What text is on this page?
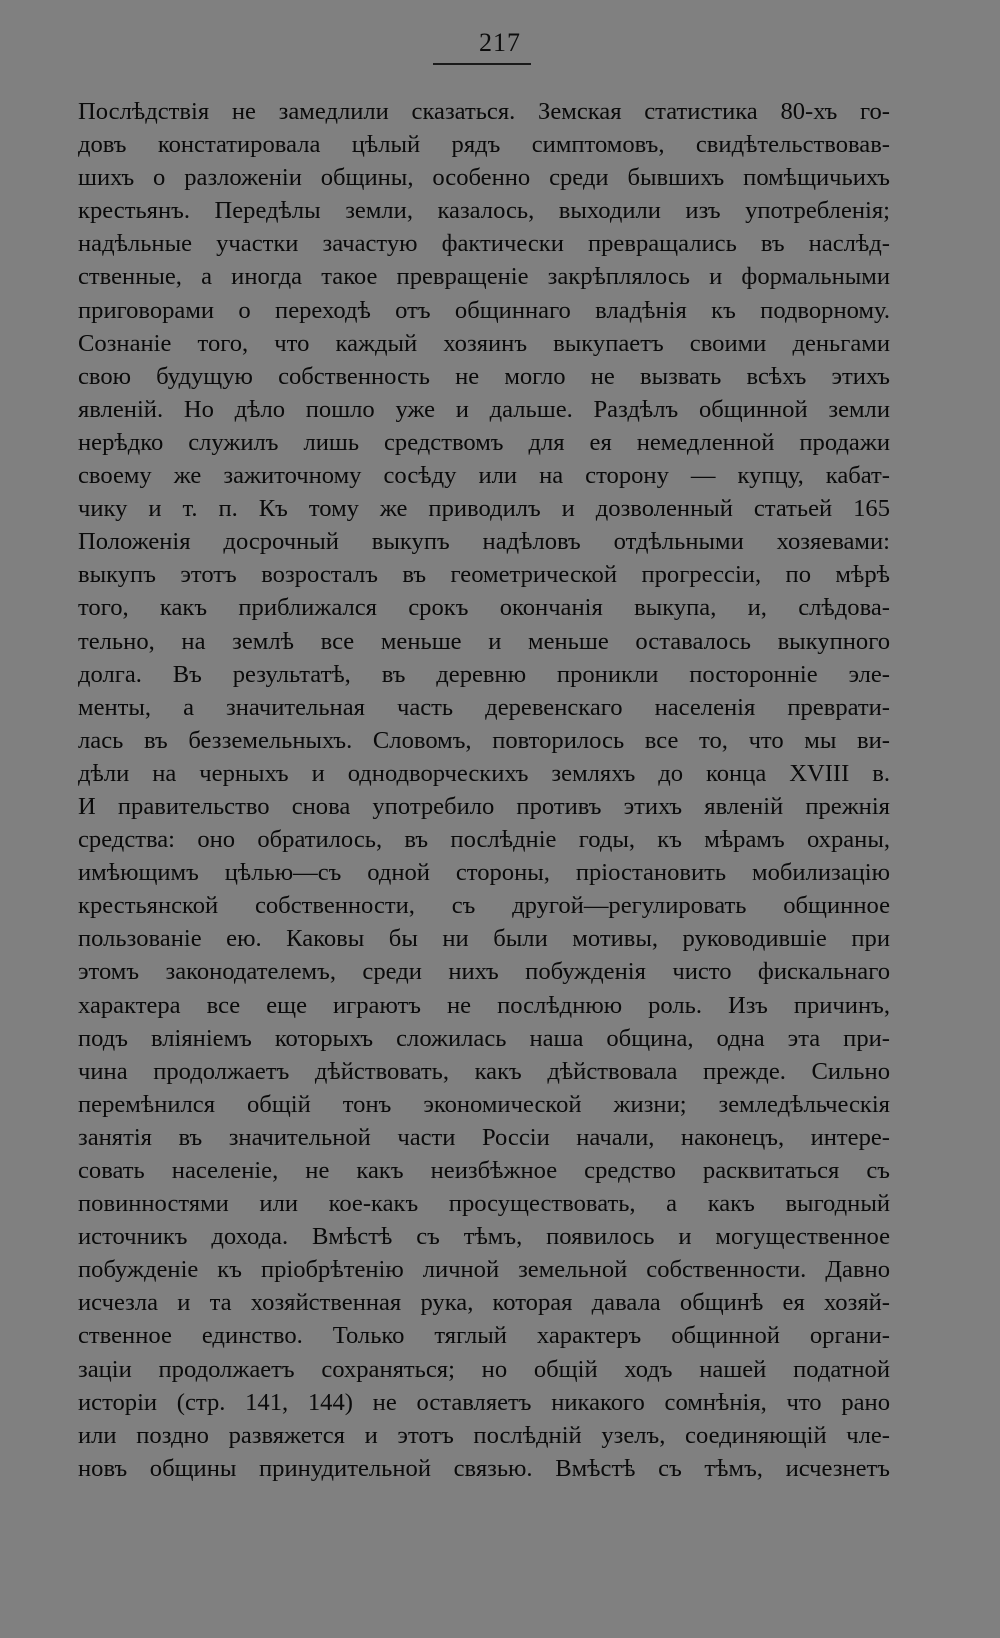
217
Послѣдствія не замедлили сказаться. Земская статистика 80-хъ го-
довъ констатировала цѣлый рядъ симптомовъ, свидѣтельствовав-
шихъ о разложеніи общины, особенно среди бывшихъ помѣщичьихъ
крестьянъ. Передѣлы земли, казалось, выходили изъ употребленія;
надѣльные участки зачастую фактически превращались въ наслѣд-
ственные, а иногда такое превращеніе закрѣплялось и формальными
приговорами о переходѣ отъ общиннаго владѣнія къ подворному.
Сознаніе того, что каждый хозяинъ выкупаетъ своими деньгами
свою будущую собственность не могло не вызвать всѣхъ этихъ
явленій. Но дѣло пошло уже и дальше. Раздѣлъ общинной земли
нерѣдко служилъ лишь средствомъ для ея немедленной продажи
своему же зажиточному сосѣду или на сторону — купцу, кабат-
чику и т. п. Къ тому же приводилъ и дозволенный статьей 165
Положенія досрочный выкупъ надѣловъ отдѣльными хозяевами:
выкупъ этотъ возросталъ въ геометрической прогрессіи, по мѣрѣ
того, какъ приближался срокъ окончанія выкупа, и, слѣдова-
тельно, на землѣ все меньше и меньше оставалось выкупного
долга. Въ результатѣ, въ деревню проникли посторонніе эле-
менты, а значительная часть деревенскаго населенія преврати-
лась въ безземельныхъ. Словомъ, повторилось все то, что мы ви-
дѣли на черныхъ и однодворческихъ земляхъ до конца XVIII в.
И правительство снова употребило противъ этихъ явленій прежнія
средства: оно обратилось, въ послѣдніе годы, къ мѣрамъ охраны,
имѣющимъ цѣлью—съ одной стороны, пріостановить мобилизацію
крестьянской собственности, съ другой—регулировать общинное
пользованіе ею. Каковы бы ни были мотивы, руководившіе при
этомъ законодателемъ, среди нихъ побужденія чисто фискальнаго
характера все еще играютъ не послѣднюю роль. Изъ причинъ,
подъ вліяніемъ которыхъ сложилась наша община, одна эта при-
чина продолжаетъ дѣйствовать, какъ дѣйствовала прежде. Сильно
перемѣнился общій тонъ экономической жизни; земледѣльческія
занятія въ значительной части Россіи начали, наконецъ, интере-
совать населеніе, не какъ неизбѣжное средство расквитаться съ
повинностями или кое-какъ просуществовать, а какъ выгодный
источникъ дохода. Вмѣстѣ съ тѣмъ, появилось и могущественное
побужденіе къ пріобрѣтенію личной земельной собственности. Давно
исчезла и та хозяйственная рука, которая давала общинѣ ея хозяй-
ственное единство. Только тяглый характеръ общинной органи-
заціи продолжаетъ сохраняться; но общій ходъ нашей податной
исторіи (стр. 141, 144) не оставляетъ никакого сомнѣнія, что рано
или поздно развяжется и этотъ послѣдній узелъ, соединяющій чле-
новъ общины принудительной связью. Вмѣстѣ съ тѣмъ, исчезнетъ
